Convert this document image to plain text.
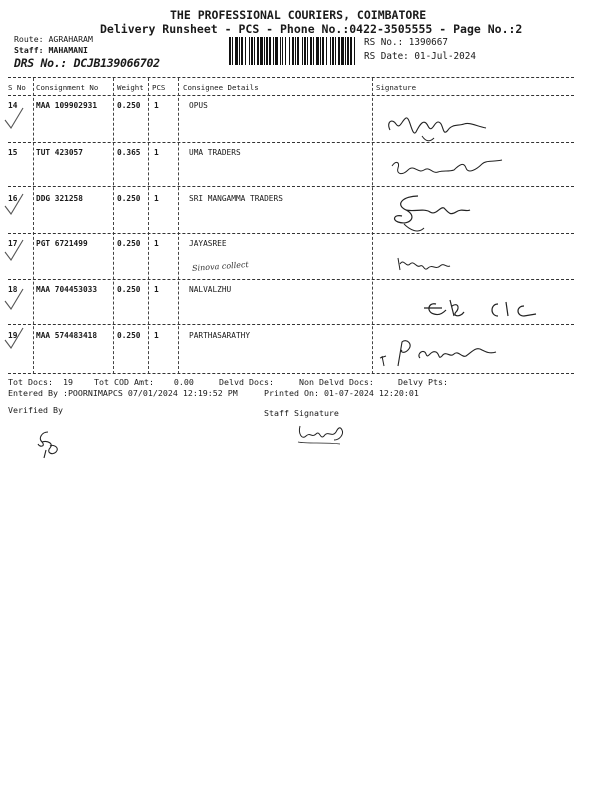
THE PROFESSIONAL COURIERS, COIMBATORE
Delivery Runsheet - PCS - Phone No.:0422-3505555 - Page No.:2
Route: AGRAHARAM
Staff: MAHAMANI
DRS No.: DCJB139066702
RS No.: 1390667
RS Date: 01-Jul-2024
S No Consignment No	Weight PCS Consignee Details	Signature
14 MAA 109902931	0.250 1	OPUS
15 TUT 423057	0.365 1	UMA TRADERS
16 DDG 321258	0.250 1	SRI MANGAMMA TRADERS
17 PGT 6721499	0.250 1	JAYASREE
Sinova collect
18 MAA 704453033	0.250 1	NALVALZHU
19 MAA 574483418	0.250 1	PARTHASARATHY
Tot Docs:  19	Tot COD Amt:    0.00	Delvd Docs:	Non Delvd Docs:	Delvy Pts:
Entered By :POORNIMAPCS 07/01/2024 12:19:52 PM	Printed On: 01-07-2024 12:20:01
Verified By	Staff Signature
